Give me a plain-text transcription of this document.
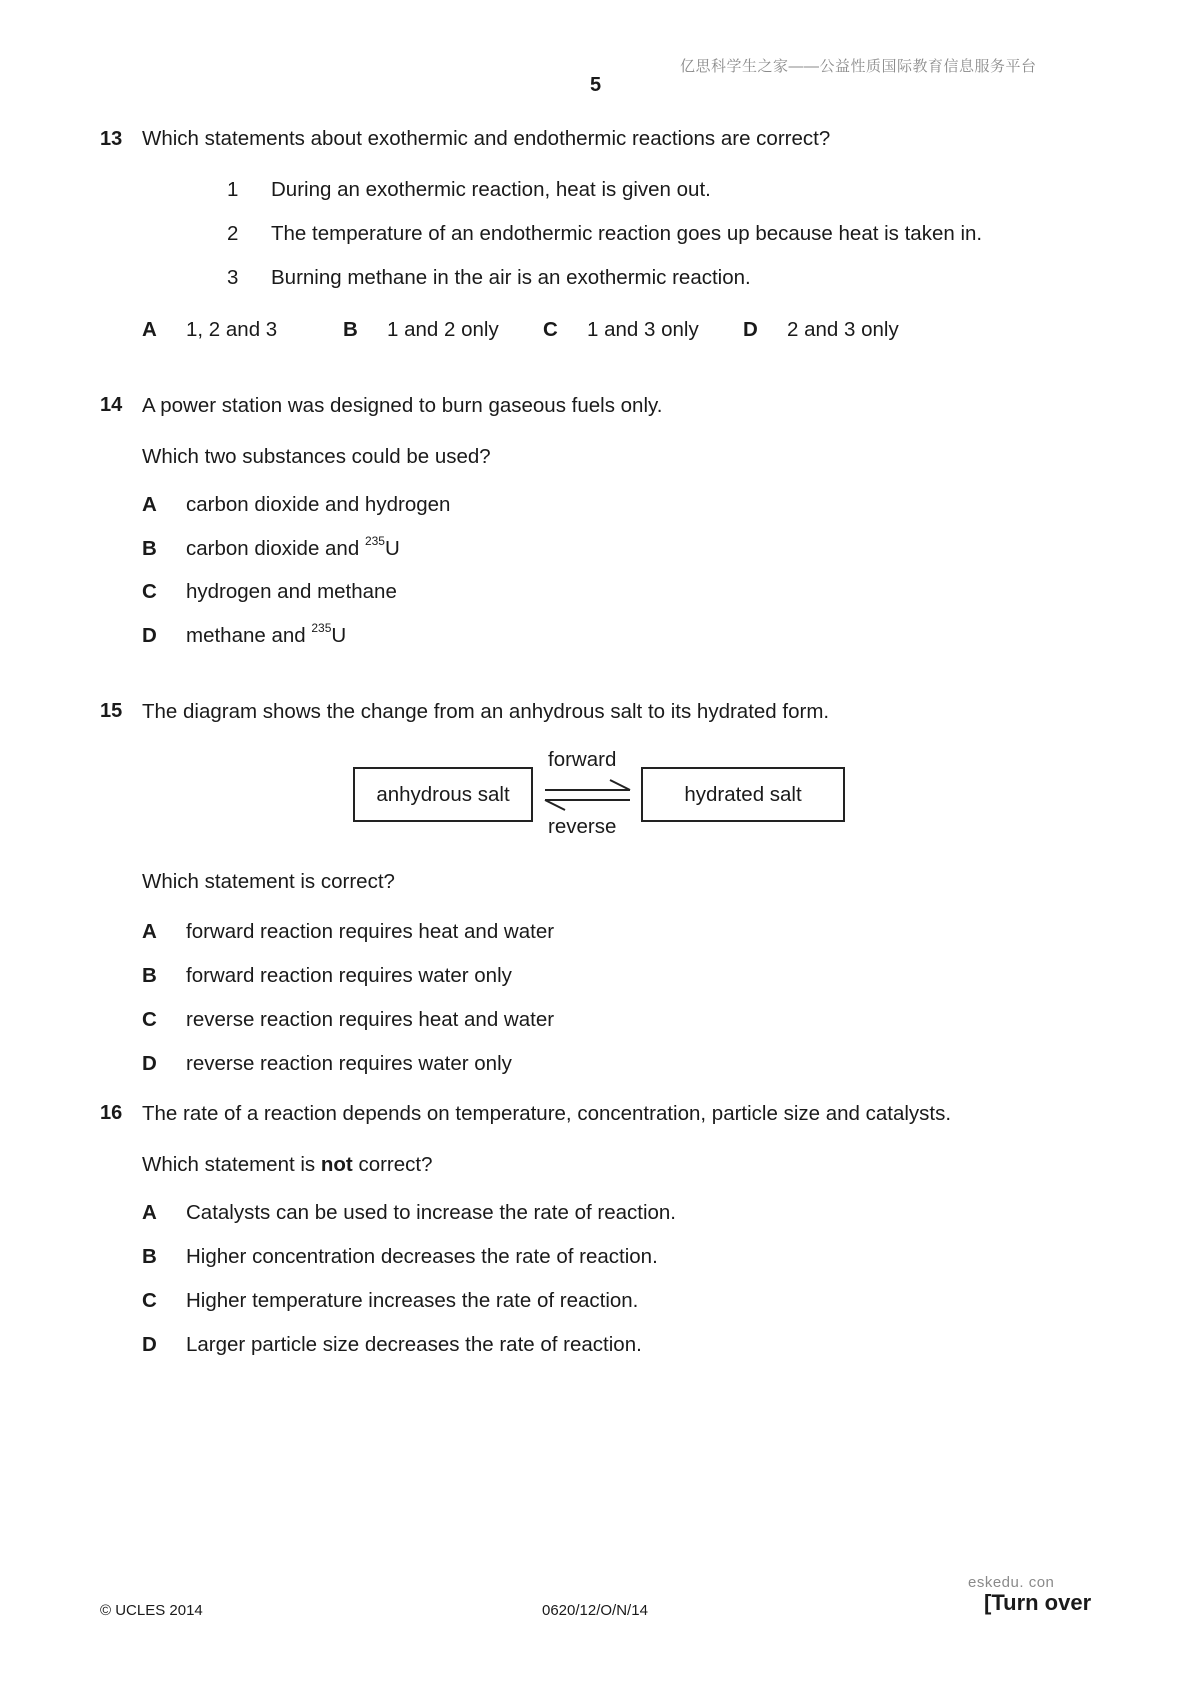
亿思科学生之家——公益性质国际教育信息服务平台
5
13 Which statements about exothermic and endothermic reactions are correct?
1 During an exothermic reaction, heat is given out.
2 The temperature of an endothermic reaction goes up because heat is taken in.
3 Burning methane in the air is an exothermic reaction.
A 1, 2 and 3	B 1 and 2 only C 1 and 3 only D 2 and 3 only
14 A power station was designed to burn gaseous fuels only.
Which two substances could be used?
A carbon dioxide and hydrogen
B carbon dioxide and $^{235}$U
C hydrogen and methane
D methane and $^{235}$U
15 The diagram shows the change from an anhydrous salt to its hydrated form.
anhydrous salt	hydrated salt
forward
reverse
Which statement is correct?
A forward reaction requires heat and water
B forward reaction requires water only
C reverse reaction requires heat and water
D reverse reaction requires water only
16 The rate of a reaction depends on temperature, concentration, particle size and catalysts.
Which statement is not correct?
A Catalysts can be used to increase the rate of reaction.
B Higher concentration decreases the rate of reaction.
C Higher temperature increases the rate of reaction.
D Larger particle size decreases the rate of reaction.
© UCLES 2014	0620/12/O/N/14
eskedu. con
[Turn over
